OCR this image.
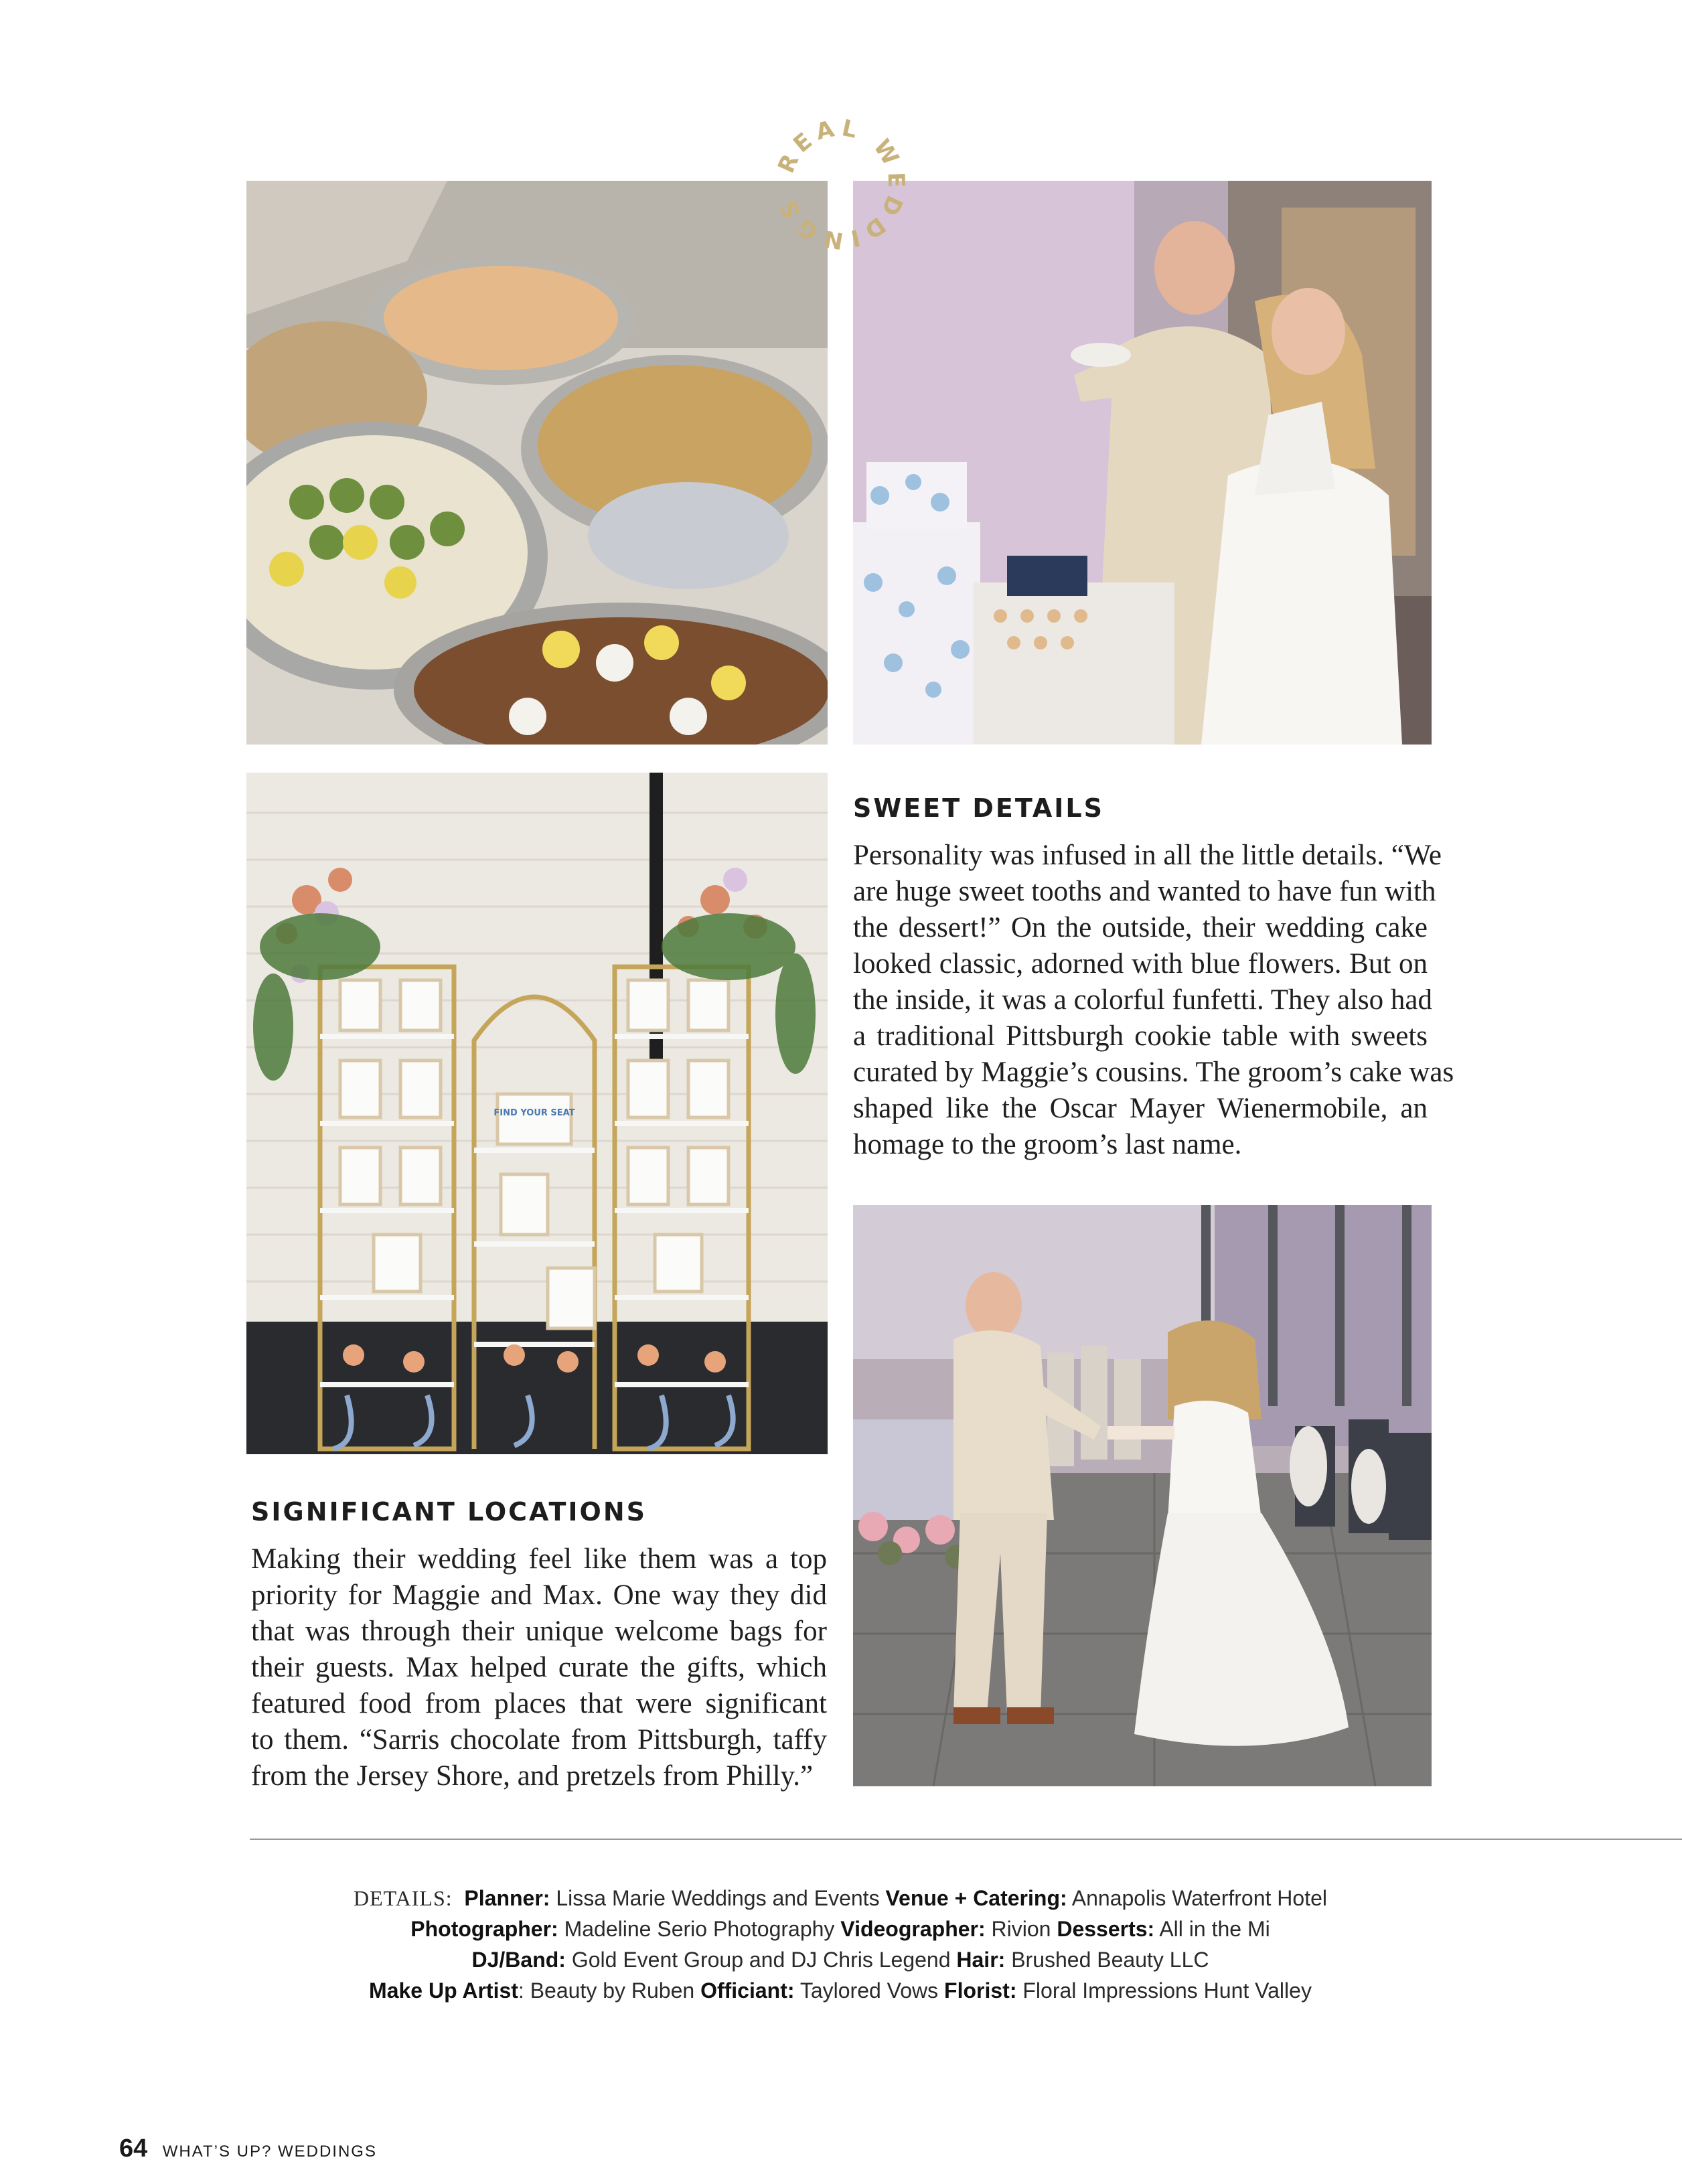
REAL WEDDINGS
FIND YOUR SEAT
SWEET DETAILS
Personality was infused in all the little details. “We
are huge sweet tooths and wanted to have fun with
the dessert!” On the outside, their wedding cake
looked classic, adorned with blue flowers. But on
the inside, it was a colorful funfetti. They also had
a traditional Pittsburgh cookie table with sweets
curated by Maggie’s cousins. The groom’s cake was
shaped like the Oscar Mayer Wienermobile, an
homage to the groom’s last name.
SIGNIFICANT LOCATIONS
Making their wedding feel like them was a top
priority for Maggie and Max. One way they did
that was through their unique welcome bags for
their guests. Max helped curate the gifts, which
featured food from places that were significant
to them. “Sarris chocolate from Pittsburgh, taffy
from the Jersey Shore, and pretzels from Philly.”
DETAILS: Planner: Lissa Marie Weddings and Events Venue + Catering: Annapolis Waterfront Hotel
Photographer: Madeline Serio Photography Videographer: Rivion Desserts: All in the Mi
DJ/Band: Gold Event Group and DJ Chris Legend Hair: Brushed Beauty LLC
Make Up Artist: Beauty by Ruben Officiant: Taylored Vows Florist: Floral Impressions Hunt Valley
64 WHAT’S UP? WEDDINGS
